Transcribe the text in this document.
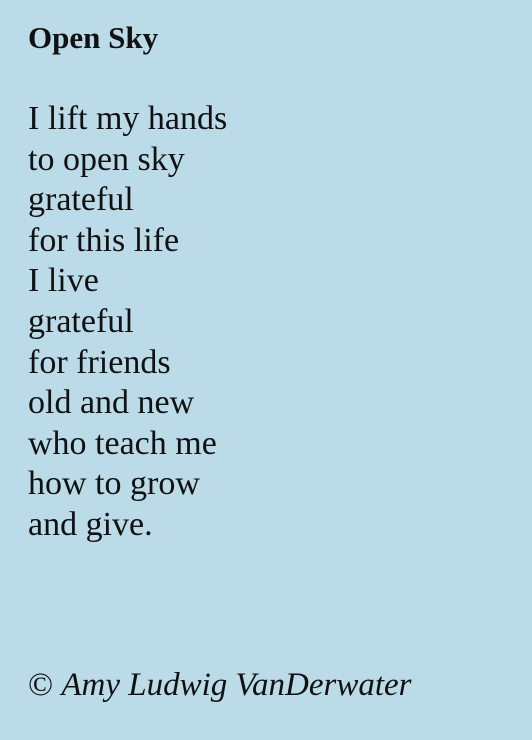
Open Sky
I lift my hands
to open sky
grateful
for this life
I live
grateful
for friends
old and new
who teach me
how to grow
and give.

© Amy Ludwig VanDerwater
